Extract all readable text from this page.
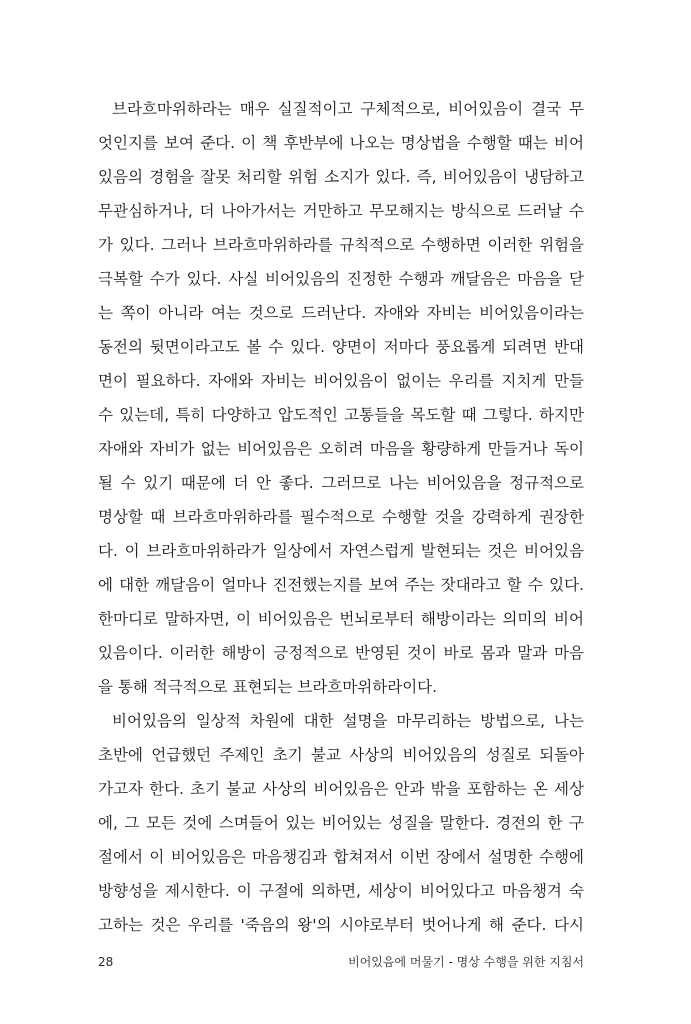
브라흐마위하라는 매우 실질적이고 구체적으로, 비어있음이 결국 무
엇인지를 보여 준다. 이 책 후반부에 나오는 명상법을 수행할 때는 비어
있음의 경험을 잘못 처리할 위험 소지가 있다. 즉, 비어있음이 냉담하고
무관심하거나, 더 나아가서는 거만하고 무모해지는 방식으로 드러날 수
가 있다. 그러나 브라흐마위하라를 규칙적으로 수행하면 이러한 위험을
극복할 수가 있다. 사실 비어있음의 진정한 수행과 깨달음은 마음을 닫
는 쪽이 아니라 여는 것으로 드러난다. 자애와 자비는 비어있음이라는
동전의 뒷면이라고도 볼 수 있다. 양면이 저마다 풍요롭게 되려면 반대
면이 필요하다. 자애와 자비는 비어있음이 없이는 우리를 지치게 만들
수 있는데, 특히 다양하고 압도적인 고통들을 목도할 때 그렇다. 하지만
자애와 자비가 없는 비어있음은 오히려 마음을 황량하게 만들거나 독이
될 수 있기 때문에 더 안 좋다. 그러므로 나는 비어있음을 정규적으로
명상할 때 브라흐마위하라를 필수적으로 수행할 것을 강력하게 권장한
다. 이 브라흐마위하라가 일상에서 자연스럽게 발현되는 것은 비어있음
에 대한 깨달음이 얼마나 진전했는지를 보여 주는 잣대라고 할 수 있다.
한마디로 말하자면, 이 비어있음은 번뇌로부터 해방이라는 의미의 비어
있음이다. 이러한 해방이 긍정적으로 반영된 것이 바로 몸과 말과 마음
을 통해 적극적으로 표현되는 브라흐마위하라이다.
비어있음의 일상적 차원에 대한 설명을 마무리하는 방법으로, 나는
초반에 언급했던 주제인 초기 불교 사상의 비어있음의 성질로 되돌아
가고자 한다. 초기 불교 사상의 비어있음은 안과 밖을 포함하는 온 세상
에, 그 모든 것에 스며들어 있는 비어있는 성질을 말한다. 경전의 한 구
절에서 이 비어있음은 마음챙김과 합쳐져서 이번 장에서 설명한 수행에
방향성을 제시한다. 이 구절에 의하면, 세상이 비어있다고 마음챙겨 숙
고하는 것은 우리를 '죽음의 왕'의 시야로부터 벗어나게 해 준다. 다시
28	비어있음에 머물기 - 명상 수행을 위한 지침서
